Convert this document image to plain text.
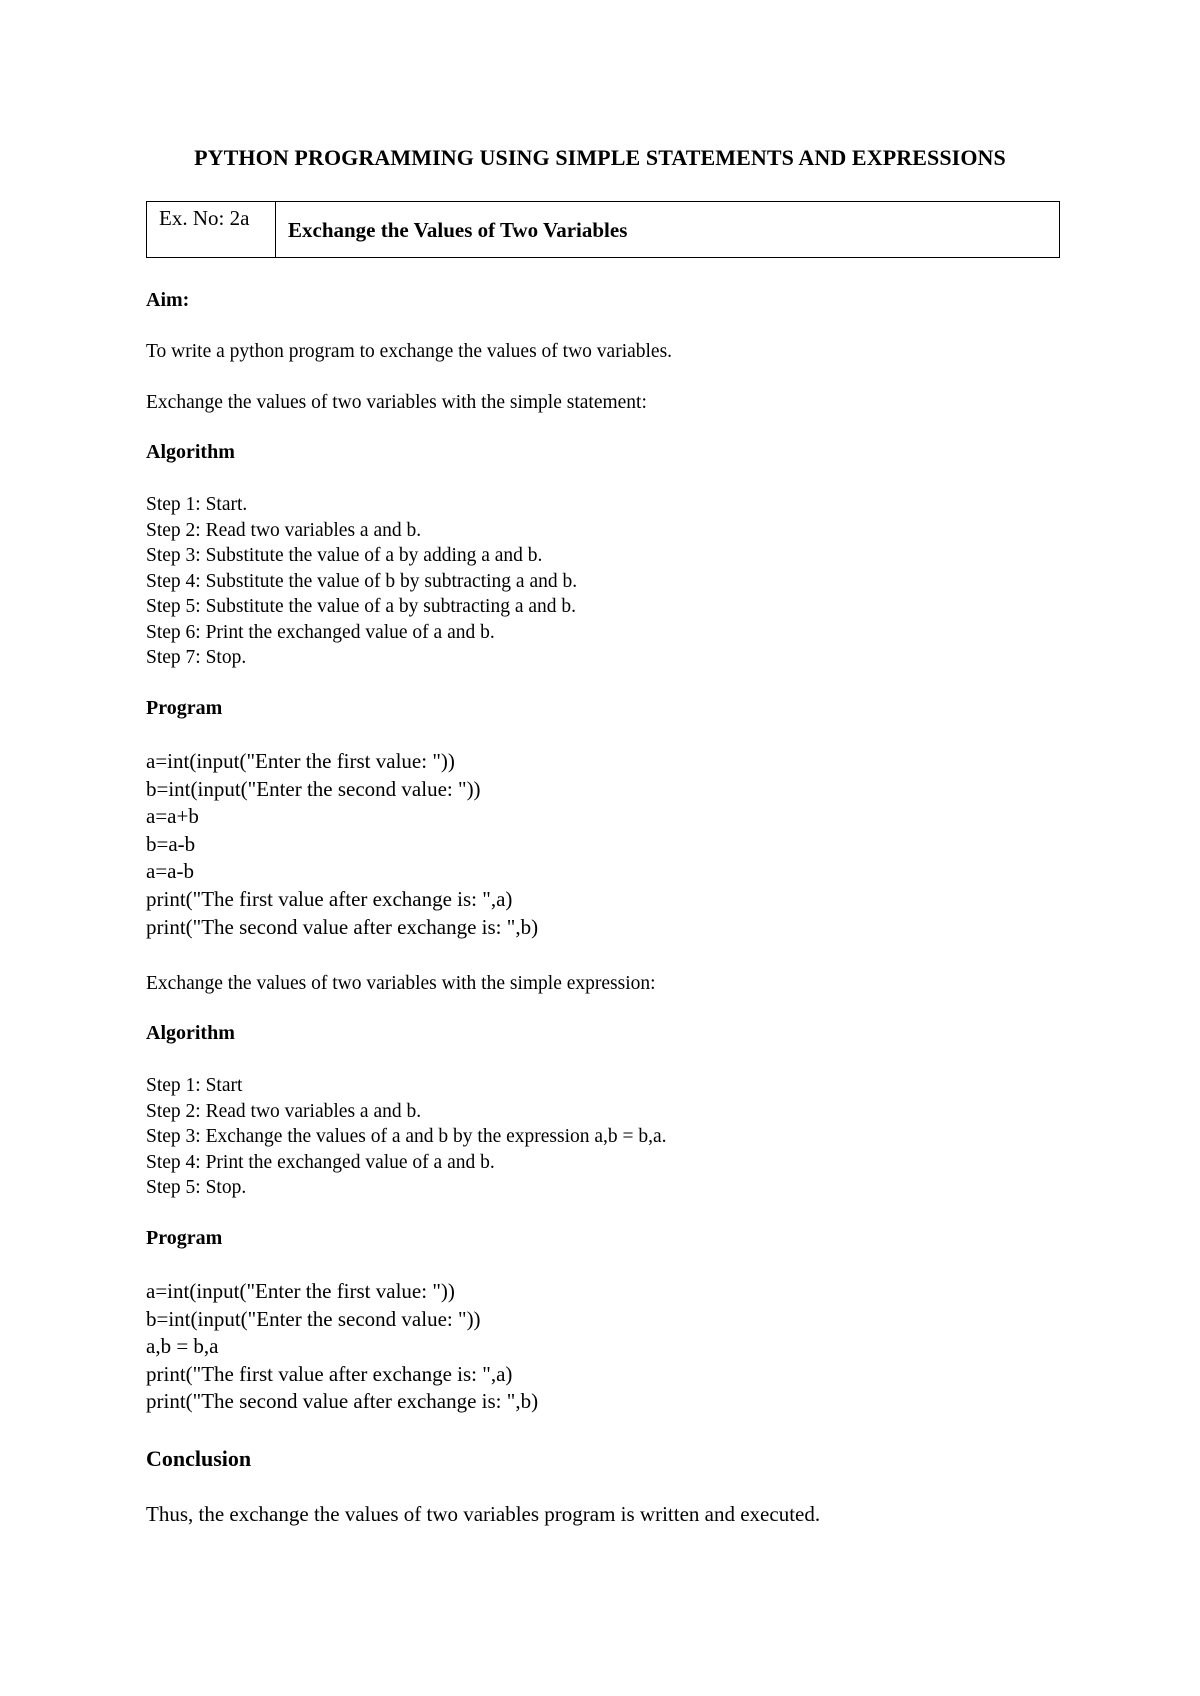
PYTHON PROGRAMMING USING SIMPLE STATEMENTS AND EXPRESSIONS
Ex. No: 2a	Exchange the Values of Two Variables

Aim:

To write a python program to exchange the values of two variables.

Exchange the values of two variables with the simple statement:

Algorithm

Step 1: Start.

Step 2: Read two variables a and b.

Step 3: Substitute the value of a by adding a and b.

Step 4: Substitute the value of b by subtracting a and b.

Step 5: Substitute the value of a by subtracting a and b.

Step 6: Print the exchanged value of a and b.

Step 7: Stop.

Program

a=int(input("Enter the first value: "))

b=int(input("Enter the second value: "))

a=a+b

b=a-b

a=a-b

print("The first value after exchange is: ",a)

print("The second value after exchange is: ",b)

Exchange the values of two variables with the simple expression:

Algorithm

Step 1: Start

Step 2: Read two variables a and b.

Step 3: Exchange the values of a and b by the expression a,b = b,a.

Step 4: Print the exchanged value of a and b.

Step 5: Stop.

Program

a=int(input("Enter the first value: "))

b=int(input("Enter the second value: "))

a,b = b,a

print("The first value after exchange is: ",a)

print("The second value after exchange is: ",b)

Conclusion

Thus, the exchange the values of two variables program is written and executed.
